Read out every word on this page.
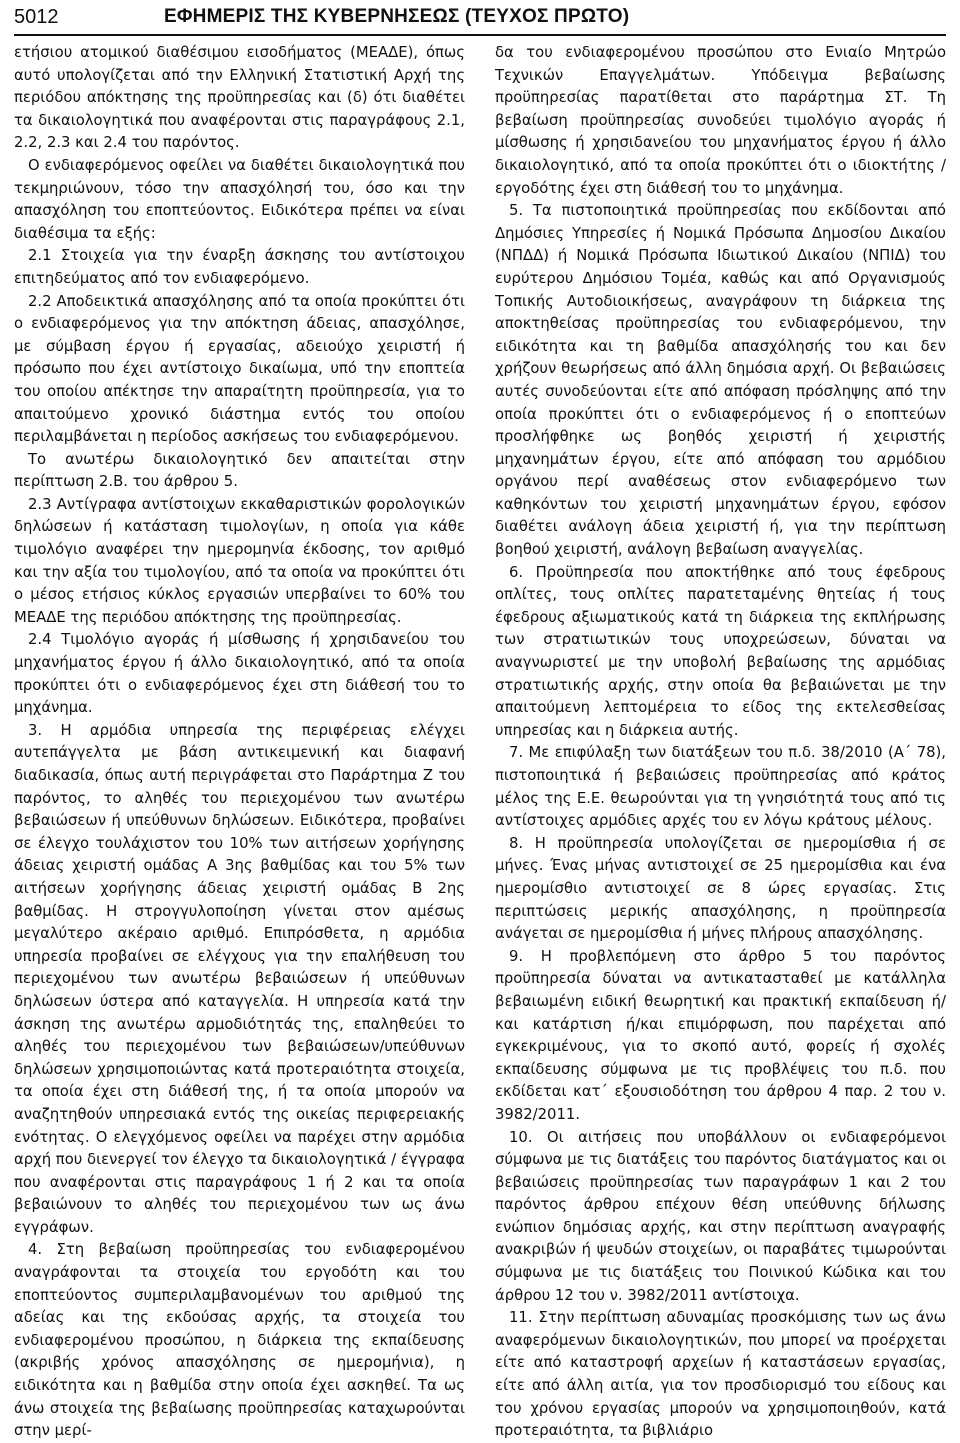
5012	ΕΦΗΜΕΡΙΣ ΤΗΣ ΚΥΒΕΡΝΗΣΕΩΣ (ΤΕΥΧΟΣ ΠΡΩΤΟ)

ετήσιου ατομικού διαθέσιμου εισοδήματος (ΜΕΑΔΕ), όπως αυτό υπολογίζεται από την Ελληνική Στατιστική Αρχή της περιόδου απόκτησης της προϋπηρεσίας και (δ) ότι διαθέτει τα δικαιολογητικά που αναφέρονται στις παραγράφους 2.1, 2.2, 2.3 και 2.4 του παρόντος.

Ο ενδιαφερόμενος οφείλει να διαθέτει δικαιολογητικά που τεκμηριώνουν, τόσο την απασχόλησή του, όσο και την απασχόληση του εποπτεύοντος. Ειδικότερα πρέπει να είναι διαθέσιμα τα εξής:

2.1 Στοιχεία για την έναρξη άσκησης του αντίστοιχου επιτηδεύματος από τον ενδιαφερόμενο.

2.2 Αποδεικτικά απασχόλησης από τα οποία προκύπτει ότι ο ενδιαφερόμενος για την απόκτηση άδειας, απασχόλησε, με σύμβαση έργου ή εργασίας, αδειούχο χειριστή ή πρόσωπο που έχει αντίστοιχο δικαίωμα, υπό την εποπτεία του οποίου απέκτησε την απαραίτητη προϋπηρεσία, για το απαιτούμενο χρονικό διάστημα εντός του οποίου περιλαμβάνεται η περίοδος ασκήσεως του ενδιαφερόμενου.

Το ανωτέρω δικαιολογητικό δεν απαιτείται στην περίπτωση 2.Β. του άρθρου 5.

2.3 Αντίγραφα αντίστοιχων εκκαθαριστικών φορολογικών δηλώσεων ή κατάσταση τιμολογίων, η οποία για κάθε τιμολόγιο αναφέρει την ημερομηνία έκδοσης, τον αριθμό και την αξία του τιμολογίου, από τα οποία να προκύπτει ότι ο μέσος ετήσιος κύκλος εργασιών υπερβαίνει το 60% του ΜΕΑΔΕ της περιόδου απόκτησης της προϋπηρεσίας.

2.4 Τιμολόγιο αγοράς ή μίσθωσης ή χρησιδανείου του μηχανήματος έργου ή άλλο δικαιολογητικό, από τα οποία προκύπτει ότι ο ενδιαφερόμενος έχει στη διάθεσή του το μηχάνημα.

3. Η αρμόδια υπηρεσία της περιφέρειας ελέγχει αυτεπάγγελτα με βάση αντικειμενική και διαφανή διαδικασία, όπως αυτή περιγράφεται στο Παράρτημα Ζ του παρόντος, το αληθές του περιεχομένου των ανωτέρω βεβαιώσεων ή υπεύθυνων δηλώσεων. Ειδικότερα, προβαίνει σε έλεγχο τουλάχιστον του 10% των αιτήσεων χορήγησης άδειας χειριστή ομάδας Α 3ης βαθμίδας και του 5% των αιτήσεων χορήγησης άδειας χειριστή ομάδας Β 2ης βαθμίδας. Η στρογγυλοποίηση γίνεται στον αμέσως μεγαλύτερο ακέραιο αριθμό. Επιπρόσθετα, η αρμόδια υπηρεσία προβαίνει σε ελέγχους για την επαλήθευση του περιεχομένου των ανωτέρω βεβαιώσεων ή υπεύθυνων δηλώσεων ύστερα από καταγγελία. Η υπηρεσία κατά την άσκηση της ανωτέρω αρμοδιότητάς της, επαληθεύει το αληθές του περιεχομένου των βεβαιώσεων/υπεύθυνων δηλώσεων χρησιμοποιώντας κατά προτεραιότητα στοιχεία, τα οποία έχει στη διάθεσή της, ή τα οποία μπορούν να αναζητηθούν υπηρεσιακά εντός της οικείας περιφερειακής ενότητας. Ο ελεγχόμενος οφείλει να παρέχει στην αρμόδια αρχή που διενεργεί τον έλεγχο τα δικαιολογητικά / έγγραφα που αναφέρονται στις παραγράφους 1 ή 2 και τα οποία βεβαιώνουν το αληθές του περιεχομένου των ως άνω εγγράφων.

4. Στη βεβαίωση προϋπηρεσίας του ενδιαφερομένου αναγράφονται τα στοιχεία του εργοδότη και του εποπτεύοντος συμπεριλαμβανομένων του αριθμού της αδείας και της εκδούσας αρχής, τα στοιχεία του ενδιαφερομένου προσώπου, η διάρκεια της εκπαίδευσης (ακριβής χρόνος απασχόλησης σε ημερομήνια), η ειδικότητα και η βαθμίδα στην οποία έχει ασκηθεί. Τα ως άνω στοιχεία της βεβαίωσης προϋπηρεσίας καταχωρούνται στην μερί-

δα του ενδιαφερομένου προσώπου στο Ενιαίο Μητρώο Τεχνικών Επαγγελμάτων. Υπόδειγμα βεβαίωσης προϋπηρεσίας παρατίθεται στο παράρτημα ΣΤ. Τη βεβαίωση προϋπηρεσίας συνοδεύει τιμολόγιο αγοράς ή μίσθωσης ή χρησιδανείου του μηχανήματος έργου ή άλλο δικαιολογητικό, από τα οποία προκύπτει ότι ο ιδιοκτήτης / εργοδότης έχει στη διάθεσή του το μηχάνημα.

5. Τα πιστοποιητικά προϋπηρεσίας που εκδίδονται από Δημόσιες Υπηρεσίες ή Νομικά Πρόσωπα Δημοσίου Δικαίου (ΝΠΔΔ) ή Νομικά Πρόσωπα Ιδιωτικού Δικαίου (ΝΠΙΔ) του ευρύτερου Δημόσιου Τομέα, καθώς και από Οργανισμούς Τοπικής Αυτοδιοικήσεως, αναγράφουν τη διάρκεια της αποκτηθείσας προϋπηρεσίας του ενδιαφερόμενου, την ειδικότητα και τη βαθμίδα απασχόλησής του και δεν χρήζουν θεωρήσεως από άλλη δημόσια αρχή. Οι βεβαιώσεις αυτές συνοδεύονται είτε από απόφαση πρόσληψης από την οποία προκύπτει ότι ο ενδιαφερόμενος ή ο εποπτεύων προσλήφθηκε ως βοηθός χειριστή ή χειριστής μηχανημάτων έργου, είτε από απόφαση του αρμόδιου οργάνου περί αναθέσεως στον ενδιαφερόμενο των καθηκόντων του χειριστή μηχανημάτων έργου, εφόσον διαθέτει ανάλογη άδεια χειριστή ή, για την περίπτωση βοηθού χειριστή, ανάλογη βεβαίωση αναγγελίας.

6. Προϋπηρεσία που αποκτήθηκε από τους έφεδρους οπλίτες, τους οπλίτες παρατεταμένης θητείας ή τους έφεδρους αξιωματικούς κατά τη διάρκεια της εκπλήρωσης των στρατιωτικών τους υποχρεώσεων, δύναται να αναγνωριστεί με την υποβολή βεβαίωσης της αρμόδιας στρατιωτικής αρχής, στην οποία θα βεβαιώνεται με την απαιτούμενη λεπτομέρεια το είδος της εκτελεσθείσας υπηρεσίας και η διάρκεια αυτής.

7. Με επιφύλαξη των διατάξεων του π.δ. 38/2010 (Α΄ 78), πιστοποιητικά ή βεβαιώσεις προϋπηρεσίας από κράτος μέλος της Ε.Ε. θεωρούνται για τη γνησιότητά τους από τις αντίστοιχες αρμόδιες αρχές του εν λόγω κράτους μέλους.

8. Η προϋπηρεσία υπολογίζεται σε ημερομίσθια ή σε μήνες. Ένας μήνας αντιστοιχεί σε 25 ημερομίσθια και ένα ημερομίσθιο αντιστοιχεί σε 8 ώρες εργασίας. Στις περιπτώσεις μερικής απασχόλησης, η προϋπηρεσία ανάγεται σε ημερομίσθια ή μήνες πλήρους απασχόλησης.

9. Η προβλεπόμενη στο άρθρο 5 του παρόντος προϋπηρεσία δύναται να αντικατασταθεί με κατάλληλα βεβαιωμένη ειδική θεωρητική και πρακτική εκπαίδευση ή/και κατάρτιση ή/και επιμόρφωση, που παρέχεται από εγκεκριμένους, για το σκοπό αυτό, φορείς ή σχολές εκπαίδευσης σύμφωνα με τις προβλέψεις του π.δ. που εκδίδεται κατ΄ εξουσιοδότηση του άρθρου 4 παρ. 2 του ν. 3982/2011.

10. Οι αιτήσεις που υποβάλλουν οι ενδιαφερόμενοι σύμφωνα με τις διατάξεις του παρόντος διατάγματος και οι βεβαιώσεις προϋπηρεσίας των παραγράφων 1 και 2 του παρόντος άρθρου επέχουν θέση υπεύθυνης δήλωσης ενώπιον δημόσιας αρχής, και στην περίπτωση αναγραφής ανακριβών ή ψευδών στοιχείων, οι παραβάτες τιμωρούνται σύμφωνα με τις διατάξεις του Ποινικού Κώδικα και του άρθρου 12 του ν. 3982/2011 αντίστοιχα.

11. Στην περίπτωση αδυναμίας προσκόμισης των ως άνω αναφερόμενων δικαιολογητικών, που μπορεί να προέρχεται είτε από καταστροφή αρχείων ή καταστάσεων εργασίας, είτε από άλλη αιτία, για τον προσδιορισμό του είδους και του χρόνου εργασίας μπορούν να χρησιμοποιηθούν, κατά προτεραιότητα, τα βιβλιάριο
